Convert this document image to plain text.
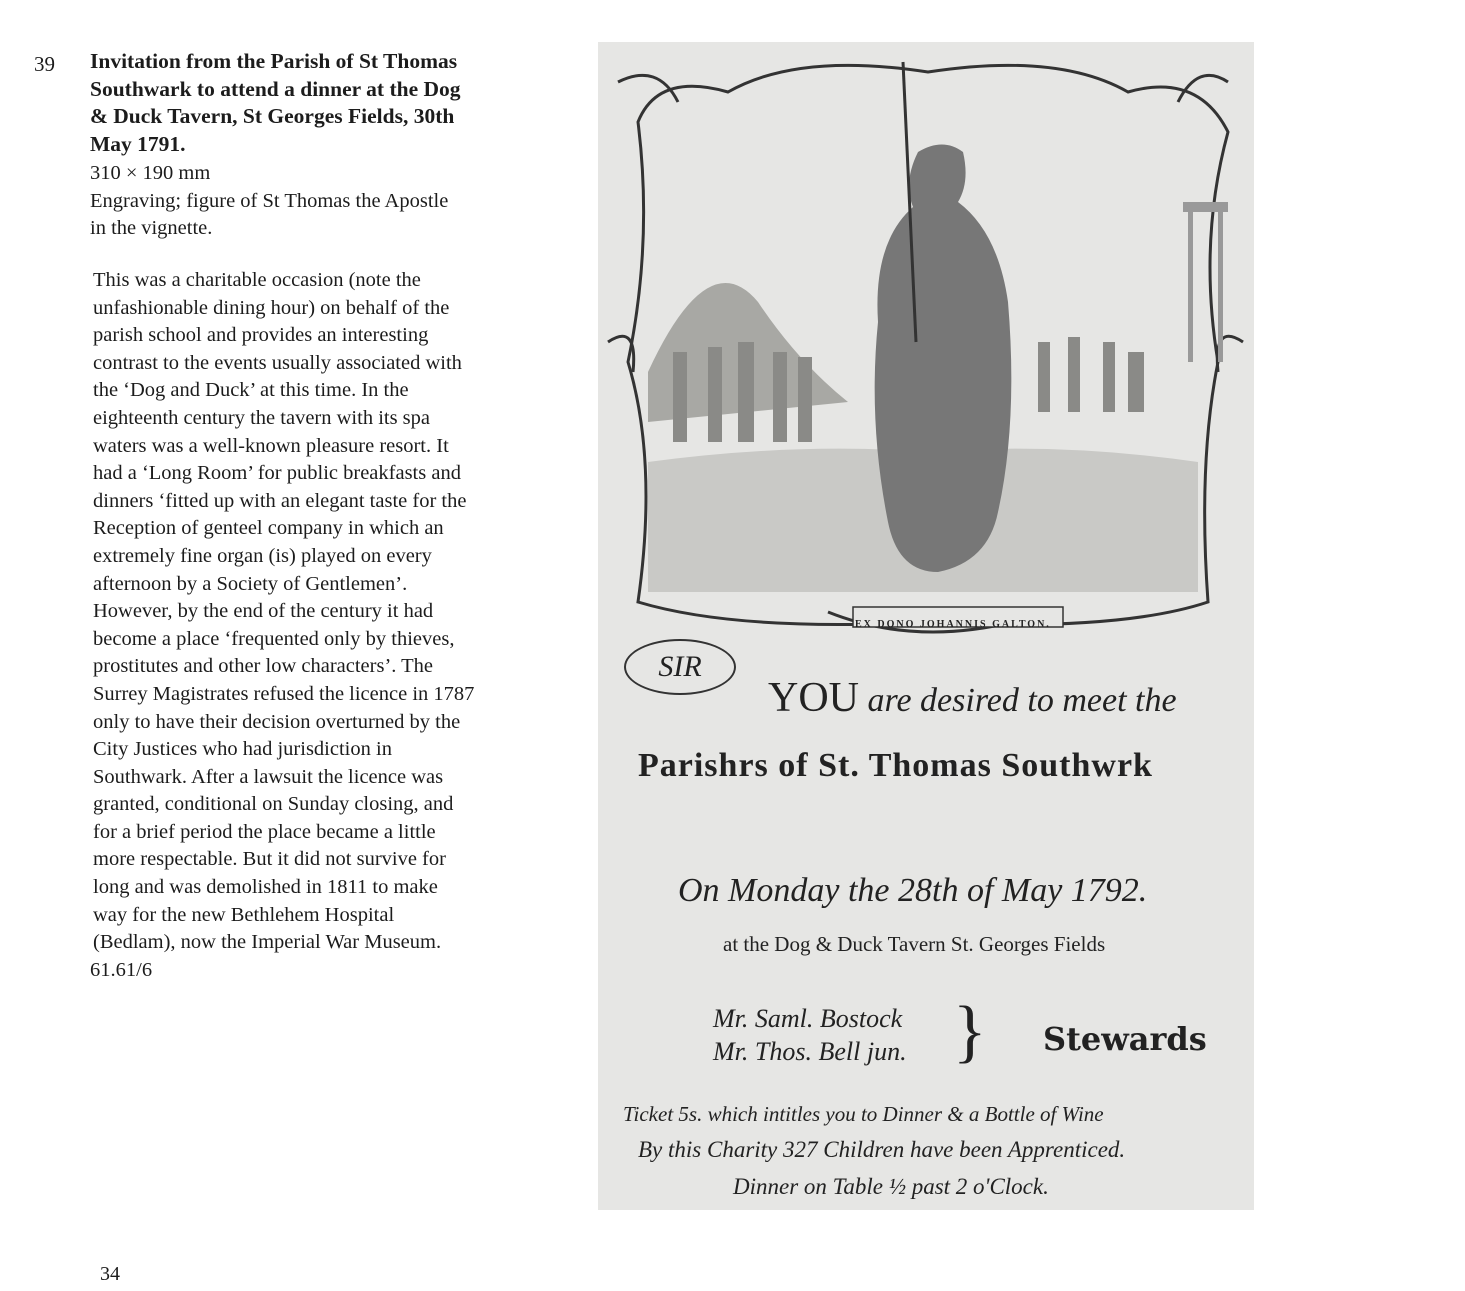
39 Invitation from the Parish of St Thomas
Southwark to attend a dinner at the Dog
& Duck Tavern, St Georges Fields, 30th
May 1791.
310 × 190 mm
Engraving; figure of St Thomas the Apostle
in the vignette.
This was a charitable occasion (note the
unfashionable dining hour) on behalf of the
parish school and provides an interesting
contrast to the events usually associated with
the ‘Dog and Duck’ at this time. In the
eighteenth century the tavern with its spa
waters was a well-known pleasure resort. It
had a ‘Long Room’ for public breakfasts and
dinners ‘fitted up with an elegant taste for the
Reception of genteel company in which an
extremely fine organ (is) played on every
afternoon by a Society of Gentlemen’.
However, by the end of the century it had
become a place ‘frequented only by thieves,
prostitutes and other low characters’. The
Surrey Magistrates refused the licence in 1787
only to have their decision overturned by the
City Justices who had jurisdiction in
Southwark. After a lawsuit the licence was
granted, conditional on Sunday closing, and
for a brief period the place became a little
more respectable. But it did not survive for
long and was demolished in 1811 to make
way for the new Bethlehem Hospital
(Bedlam), now the Imperial War Museum.
61.61/6
34
EX DONO JOHANNIS GALTON.
SIR
YOU are desired to meet the
Parishrs of St. Thomas Southwrk
On Monday the 28th of May 1792.
at the Dog & Duck Tavern St. Georges Fields
Mr. Saml. Bostock
Mr. Thos. Bell jun. } Stewards
Ticket 5s. which intitles you to Dinner & a Bottle of Wine
By this Charity 327 Children have been Apprenticed.
Dinner on Table ½ past 2 o'Clock.
